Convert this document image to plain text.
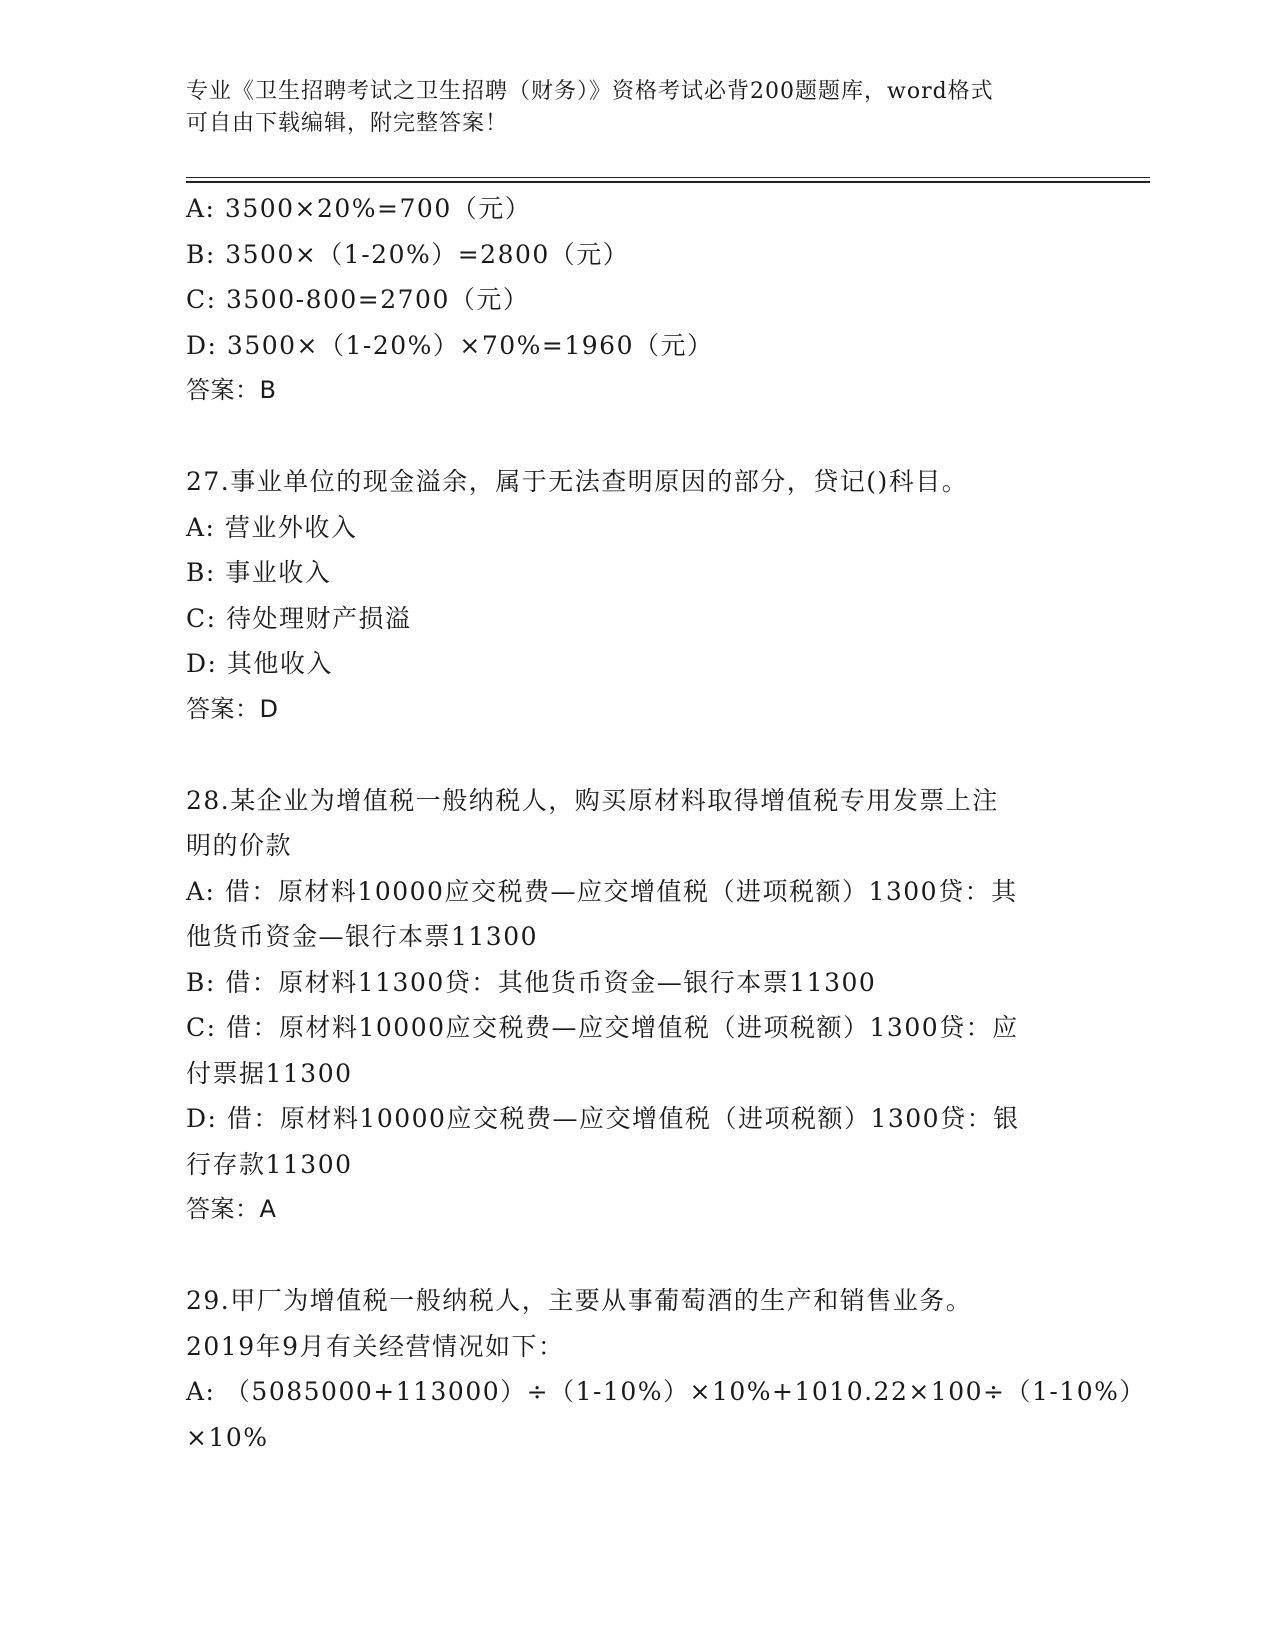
专业《卫生招聘考试之卫生招聘（财务）》资格考试必背200题题库，word格式
可自由下载编辑，附完整答案！
A: 3500×20%=700（元）
B: 3500×（1-20%）=2800（元）
C: 3500-800=2700（元）
D: 3500×（1-20%）×70%=1960（元）
答案：B
27.事业单位的现金溢余，属于无法查明原因的部分，贷记()科目。
A: 营业外收入
B: 事业收入
C: 待处理财产损溢
D: 其他收入
答案：D
28.某企业为增值税一般纳税人，购买原材料取得增值税专用发票上注
明的价款
A: 借：原材料10000应交税费—应交增值税（进项税额）1300贷：其
他货币资金—银行本票11300
B: 借：原材料11300贷：其他货币资金—银行本票11300
C: 借：原材料10000应交税费—应交增值税（进项税额）1300贷：应
付票据11300
D: 借：原材料10000应交税费—应交增值税（进项税额）1300贷：银
行存款11300
答案：A
29.甲厂为增值税一般纳税人，主要从事葡萄酒的生产和销售业务。
2019年9月有关经营情况如下：
A: （5085000+113000）÷（1-10%）×10%+1010.22×100÷（1-10%）
×10%
